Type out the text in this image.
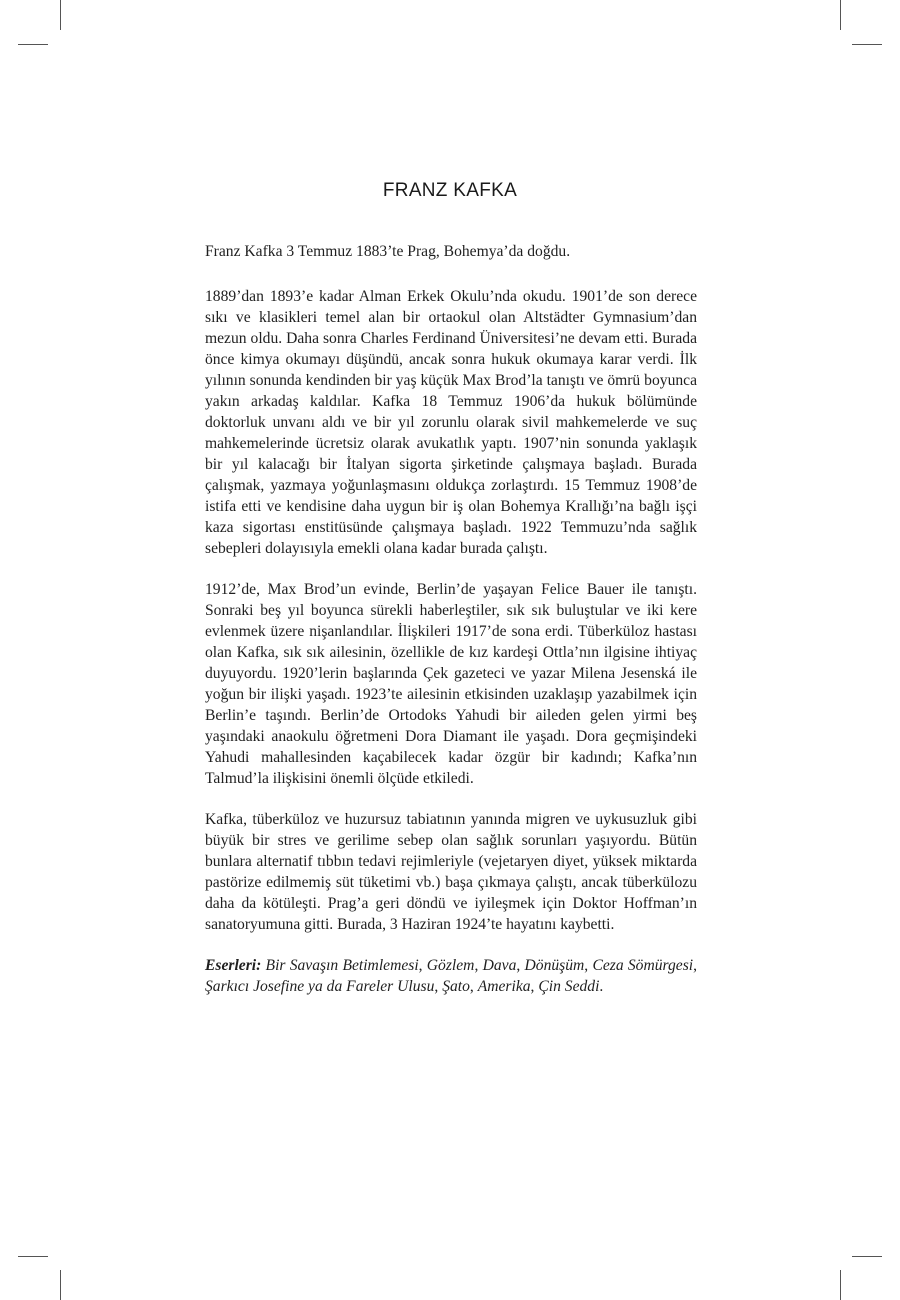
FRANZ KAFKA

Franz Kafka 3 Temmuz 1883’te Prag, Bohemya’da doğdu.

1889’dan 1893’e kadar Alman Erkek Okulu’nda okudu. 1901’de son derece sıkı ve klasikleri temel alan bir ortaokul olan Altstädter Gymnasium’dan mezun oldu. Daha sonra Charles Ferdinand Üniversitesi’ne devam etti. Burada önce kimya okumayı düşündü, ancak sonra hukuk okumaya karar verdi. İlk yılının sonunda kendinden bir yaş küçük Max Brod’la tanıştı ve ömrü boyunca yakın arkadaş kaldılar. Kafka 18 Temmuz 1906’da hukuk bölümünde doktorluk unvanı aldı ve bir yıl zorunlu olarak sivil mahkemelerde ve suç mahkemelerinde ücretsiz olarak avukatlık yaptı. 1907’nin sonunda yaklaşık bir yıl kalacağı bir İtalyan sigorta şirketinde çalışmaya başladı. Burada çalışmak, yazmaya yoğunlaşmasını oldukça zorlaştırdı. 15 Temmuz 1908’de istifa etti ve kendisine daha uygun bir iş olan Bohemya Krallığı’na bağlı işçi kaza sigortası enstitüsünde çalışmaya başladı. 1922 Temmuzu’nda sağlık sebepleri dolayısıyla emekli olana kadar burada çalıştı.

1912’de, Max Brod’un evinde, Berlin’de yaşayan Felice Bauer ile tanıştı. Sonraki beş yıl boyunca sürekli haberleştiler, sık sık buluştular ve iki kere evlenmek üzere nişanlandılar. İlişkileri 1917’de sona erdi. Tüberküloz hastası olan Kafka, sık sık ailesinin, özellikle de kız kardeşi Ottla’nın ilgisine ihtiyaç duyuyordu. 1920’lerin başlarında Çek gazeteci ve yazar Milena Jesenská ile yoğun bir ilişki yaşadı. 1923’te ailesinin etkisinden uzaklaşıp yazabilmek için Berlin’e taşındı. Berlin’de Ortodoks Yahudi bir aileden gelen yirmi beş yaşındaki anaokulu öğretmeni Dora Diamant ile yaşadı. Dora geçmişindeki Yahudi mahallesinden kaçabilecek kadar özgür bir kadındı; Kafka’nın Talmud’la ilişkisini önemli ölçüde etkiledi.

Kafka, tüberküloz ve huzursuz tabiatının yanında migren ve uykusuzluk gibi büyük bir stres ve gerilime sebep olan sağlık sorunları yaşıyordu. Bütün bunlara alternatif tıbbın tedavi rejimleriyle (vejetaryen diyet, yüksek miktarda pastörize edilmemiş süt tüketimi vb.) başa çıkmaya çalıştı, ancak tüberkülozu daha da kötüleşti. Prag’a geri döndü ve iyileşmek için Doktor Hoffman’ın sanatoryumuna gitti. Burada, 3 Haziran 1924’te hayatını kaybetti.

Eserleri: Bir Savaşın Betimlemesi, Gözlem, Dava, Dönüşüm, Ceza Sömürgesi, Şarkıcı Josefine ya da Fareler Ulusu, Şato, Amerika, Çin Seddi.
